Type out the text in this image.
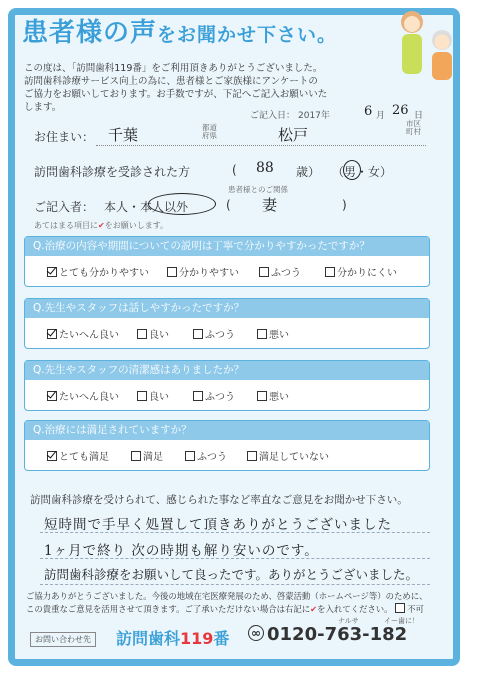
患者様の声をお聞かせ下さい。
この度は、「訪問歯科119番」をご利用頂きありがとうございました。
訪問歯科診療サービス向上の為に、患者様とご家族様にアンケートの
ご協力をお願いしております。お手数ですが、下記へご記入お願いいたします。
ご記入日： 2017年	6 月 26 日
お住まい： 千葉	都道府県	松戸
市区町村
訪問歯科診療を受診された方	( 88 歳） （男・女）
ご記入者： 本人・本人以外
患者様とのご関係
( 妻	)
あてはまる項目に✔をお願いします。
Q.治療の内容や期間についての説明は丁寧で分かりやすかったですか？
とても分かりやすい	分かりやすい	ふつう	分かりにくい
Q.先生やスタッフは話しやすかったですか？
たいへん良い	良い	ふつう	悪い
Q.先生やスタッフの清潔感はありましたか？
たいへん良い	良い	ふつう	悪い
Q.治療には満足されていますか？
とても満足	満足	ふつう	満足していない
訪問歯科診療を受けられて、感じられた事など率直なご意見をお聞かせ下さい。
短時間で手早く処置して頂きありがとうございました
1ヶ月で終り 次の時期も解り安いのです。
訪問歯科診療をお願いして良ったです。ありがとうございました。
ご協力ありがとうございました。今後の地域在宅医療発展のため、啓蒙活動（ホームページ等）のために、
この貴重なご意見を活用させて頂きます。ご了承いただけない場合は右記に✔を入れてください。 不可
お問い合わせ先	訪問歯科119番 ∞ 0120-763-182
ナルサ	イー歯に！
